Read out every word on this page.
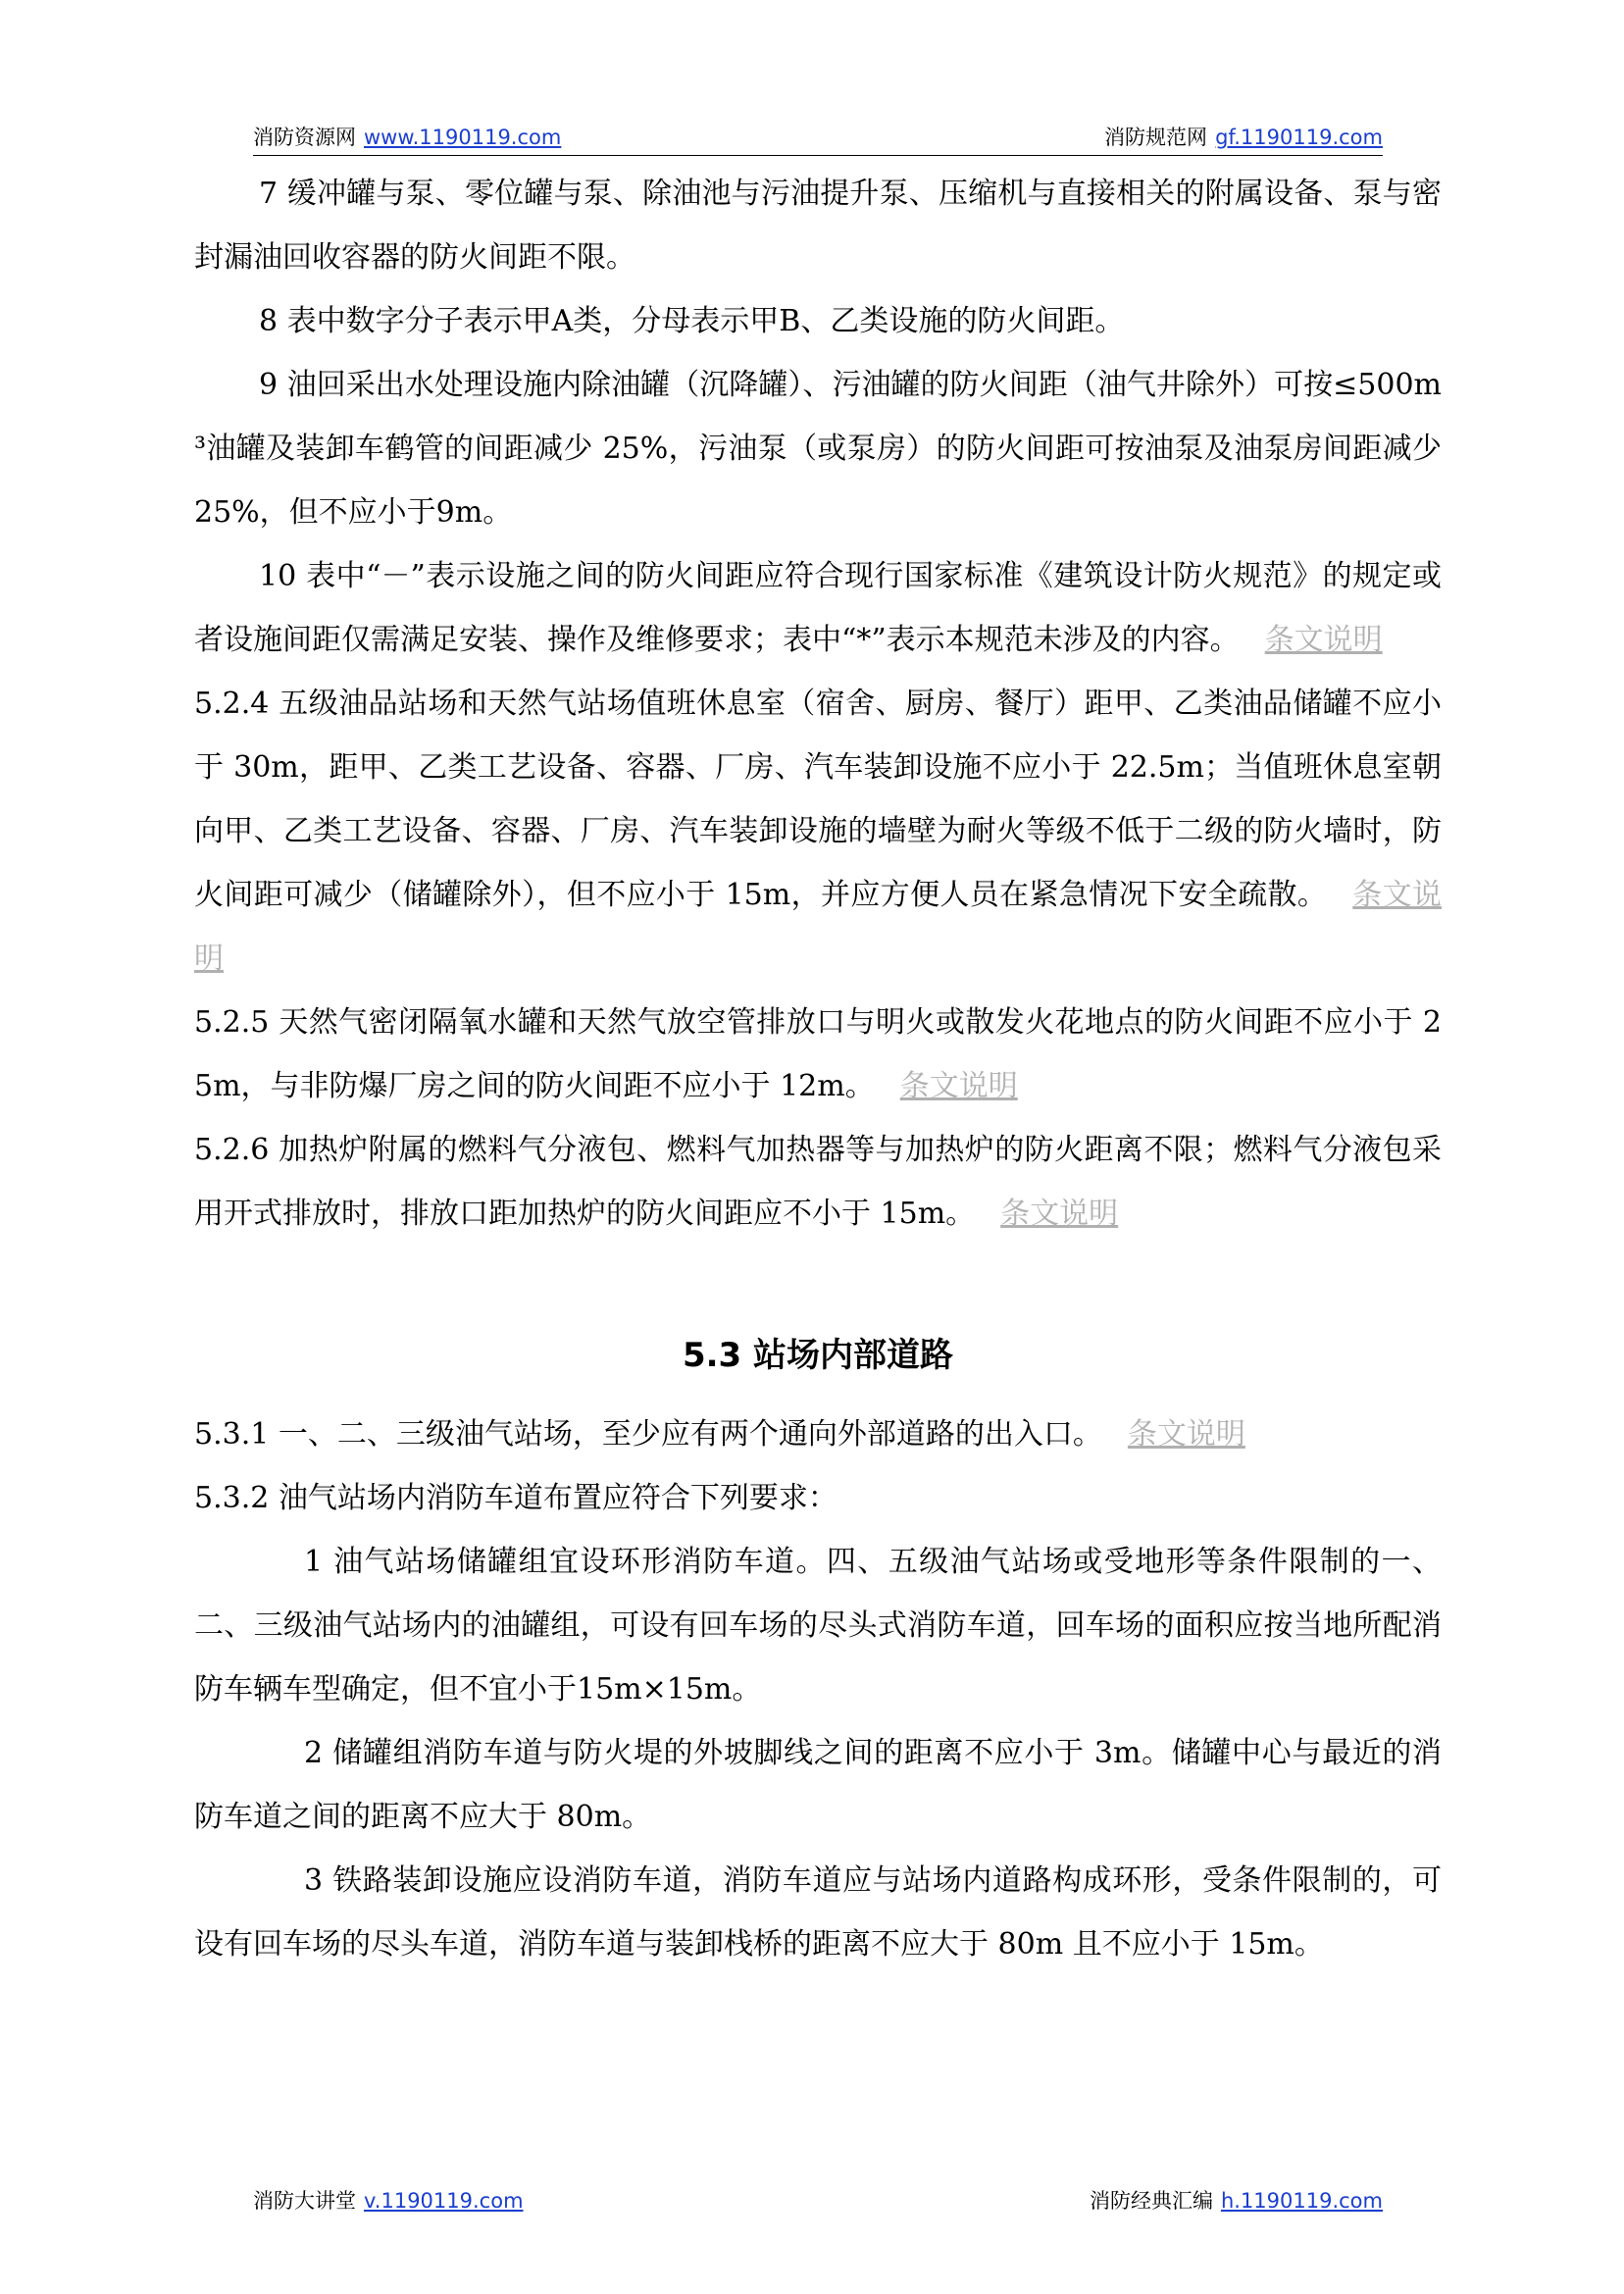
消防资源网 www.1190119.com	消防规范网 gf.1190119.com

7 缓冲罐与泵、零位罐与泵、除油池与污油提升泵、压缩机与直接相关的附属设备、泵与密封漏油回收容器的防火间距不限。

8 表中数字分子表示甲A类，分母表示甲B、乙类设施的防火间距。

9 油回采出水处理设施内除油罐（沉降罐）、污油罐的防火间距（油气井除外）可按≤500m³油罐及装卸车鹤管的间距减少 25%，污油泵（或泵房）的防火间距可按油泵及油泵房间距减少25%，但不应小于9m。

10 表中“－”表示设施之间的防火间距应符合现行国家标准《建筑设计防火规范》的规定或者设施间距仅需满足安装、操作及维修要求；表中“*”表示本规范未涉及的内容。 条文说明

5.2.4 五级油品站场和天然气站场值班休息室（宿舍、厨房、餐厅）距甲、乙类油品储罐不应小于 30m，距甲、乙类工艺设备、容器、厂房、汽车装卸设施不应小于 22.5m；当值班休息室朝向甲、乙类工艺设备、容器、厂房、汽车装卸设施的墙壁为耐火等级不低于二级的防火墙时，防火间距可减少（储罐除外），但不应小于 15m，并应方便人员在紧急情况下安全疏散。 条文说明

5.2.5 天然气密闭隔氧水罐和天然气放空管排放口与明火或散发火花地点的防火间距不应小于 25m，与非防爆厂房之间的防火间距不应小于 12m。 条文说明

5.2.6 加热炉附属的燃料气分液包、燃料气加热器等与加热炉的防火距离不限；燃料气分液包采用开式排放时，排放口距加热炉的防火间距应不小于 15m。 条文说明

5.3 站场内部道路

5.3.1 一、二、三级油气站场，至少应有两个通向外部道路的出入口。 条文说明

5.3.2 油气站场内消防车道布置应符合下列要求：

1 油气站场储罐组宜设环形消防车道。四、五级油气站场或受地形等条件限制的一、二、三级油气站场内的油罐组，可设有回车场的尽头式消防车道，回车场的面积应按当地所配消防车辆车型确定，但不宜小于15m×15m。

2 储罐组消防车道与防火堤的外坡脚线之间的距离不应小于 3m。储罐中心与最近的消防车道之间的距离不应大于 80m。

3 铁路装卸设施应设消防车道，消防车道应与站场内道路构成环形，受条件限制的，可设有回车场的尽头车道，消防车道与装卸栈桥的距离不应大于 80m 且不应小于 15m。

消防大讲堂 v.1190119.com	消防经典汇编 h.1190119.com
